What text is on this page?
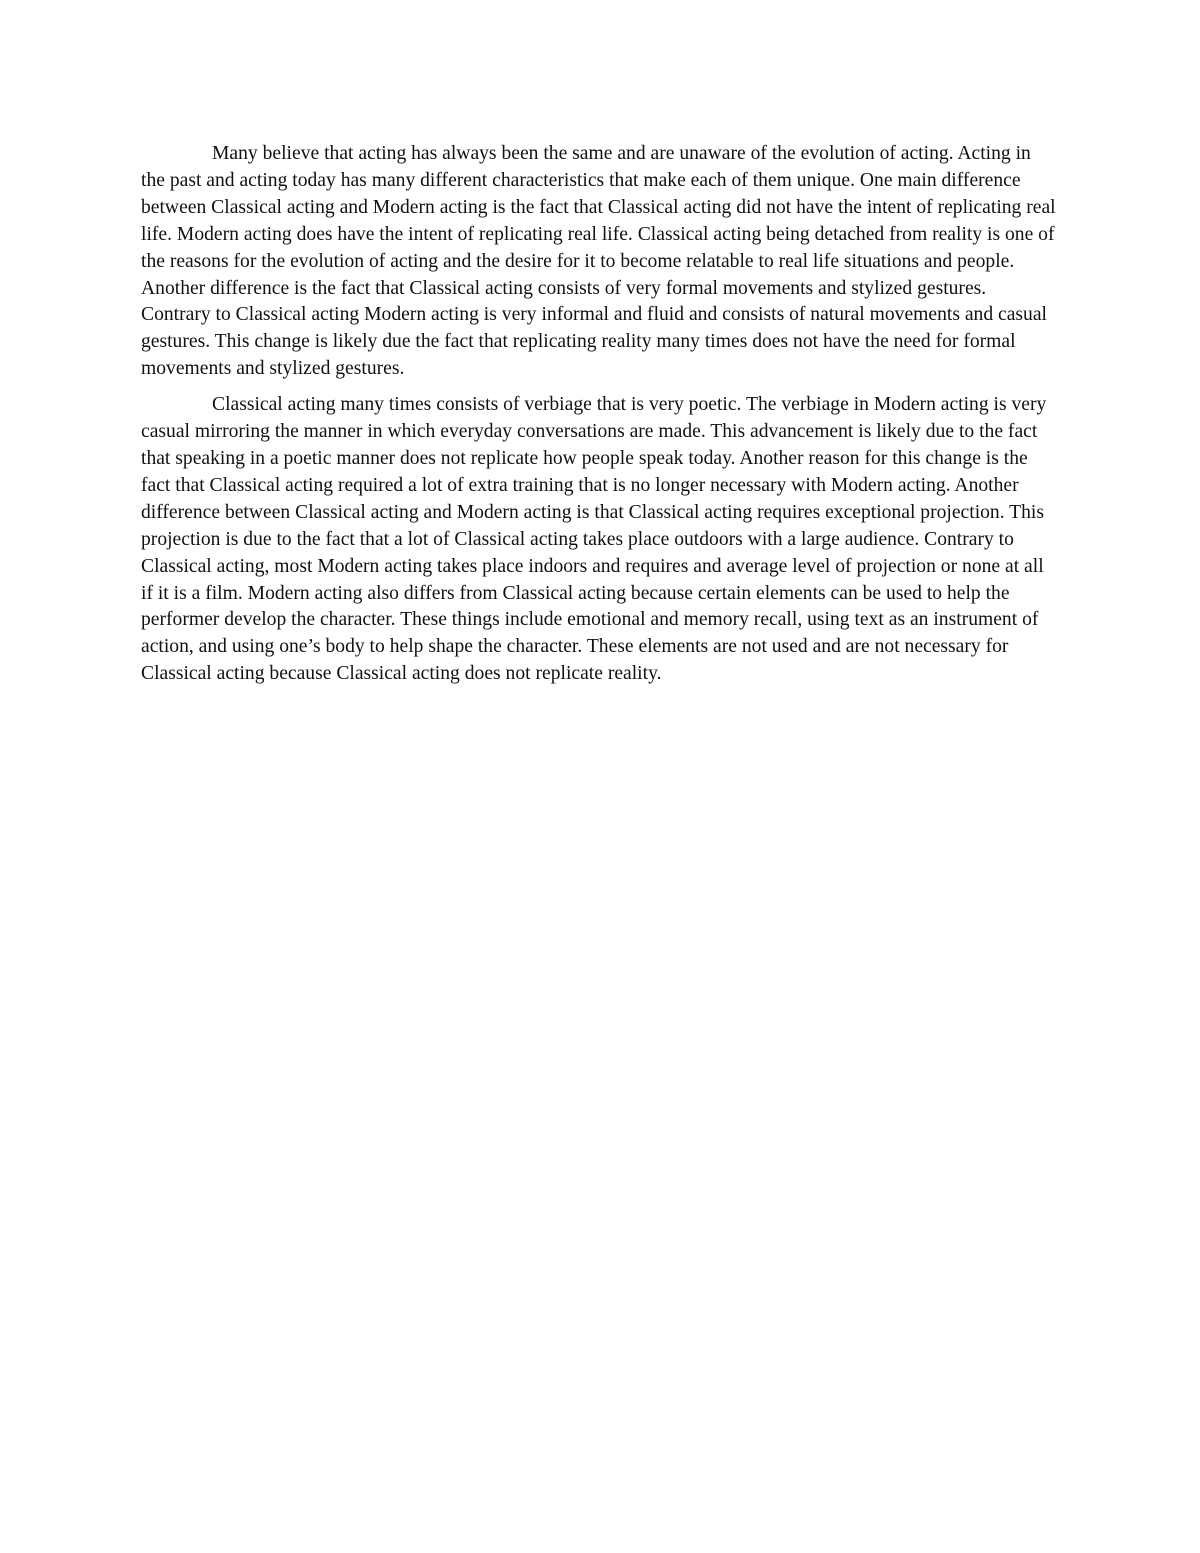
Many believe that acting has always been the same and are unaware of the evolution of acting. Acting in the past and acting today has many different characteristics that make each of them unique. One main difference between Classical acting and Modern acting is the fact that Classical acting did not have the intent of replicating real life. Modern acting does have the intent of replicating real life. Classical acting being detached from reality is one of the reasons for the evolution of acting and the desire for it to become relatable to real life situations and people. Another difference is the fact that Classical acting consists of very formal movements and stylized gestures. Contrary to Classical acting Modern acting is very informal and fluid and consists of natural movements and casual gestures. This change is likely due the fact that replicating reality many times does not have the need for formal movements and stylized gestures.

Classical acting many times consists of verbiage that is very poetic. The verbiage in Modern acting is very casual mirroring the manner in which everyday conversations are made. This advancement is likely due to the fact that speaking in a poetic manner does not replicate how people speak today. Another reason for this change is the fact that Classical acting required a lot of extra training that is no longer necessary with Modern acting. Another difference between Classical acting and Modern acting is that Classical acting requires exceptional projection. This projection is due to the fact that a lot of Classical acting takes place outdoors with a large audience. Contrary to Classical acting, most Modern acting takes place indoors and requires and average level of projection or none at all if it is a film. Modern acting also differs from Classical acting because certain elements can be used to help the performer develop the character. These things include emotional and memory recall, using text as an instrument of action, and using one’s body to help shape the character. These elements are not used and are not necessary for Classical acting because Classical acting does not replicate reality.
